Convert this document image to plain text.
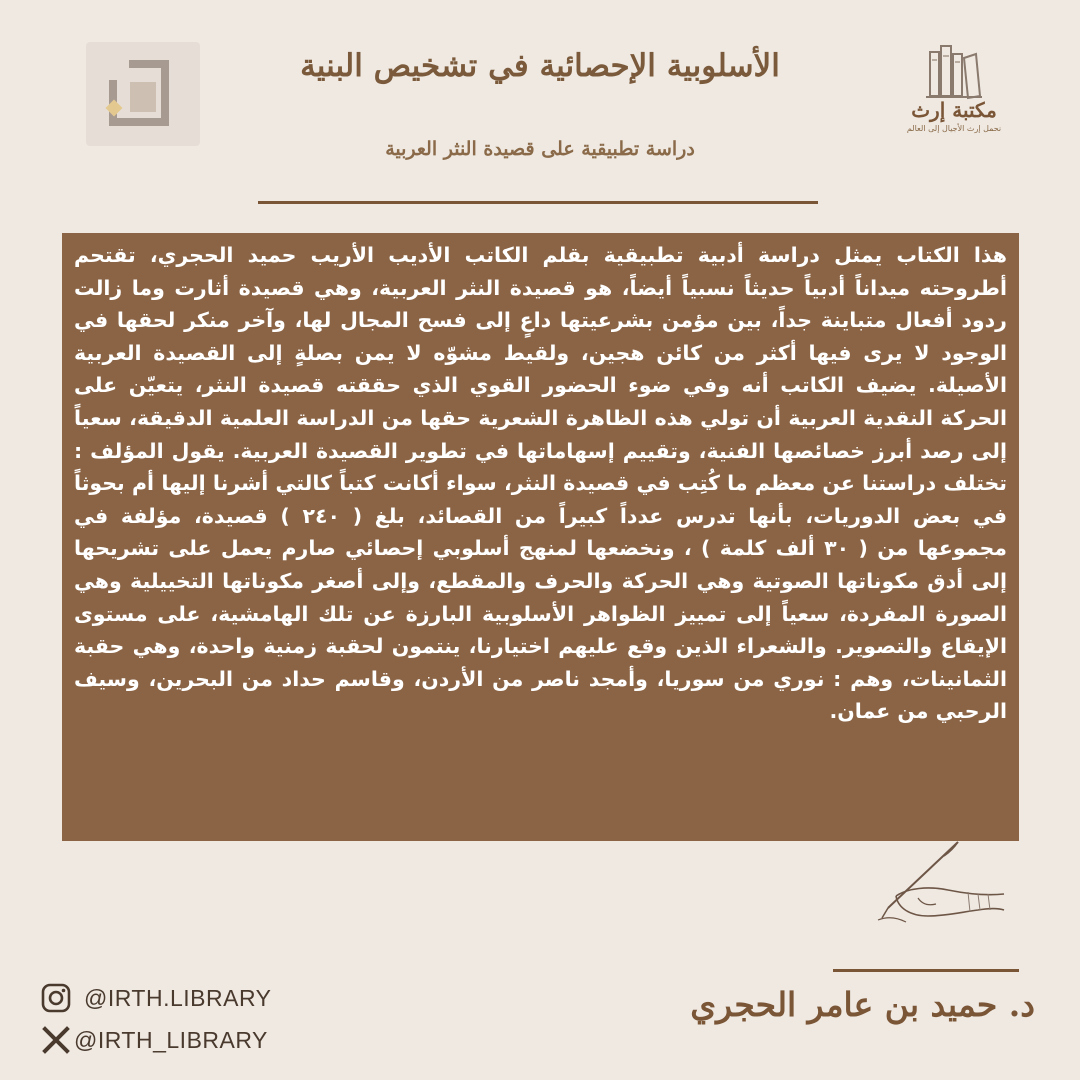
مكتبة إرث
نحمل إرث الأجيال إلى العالم
الأسلوبية الإحصائية في تشخيص البنية
دراسة تطبيقية على قصيدة النثر العربية

هذا الكتاب يمثل دراسة أدبية تطبيقية بقلم الكاتب الأديب الأريب حميد الحجري، تقتحم أطروحته ميداناً أدبياً حديثاً نسبياً أيضاً، هو قصيدة النثر العربية، وهي قصيدة أثارت وما زالت ردود أفعال متباينة جداً، بين مؤمن بشرعيتها داعٍ إلى فسح المجال لها، وآخر منكر لحقها في الوجود لا يرى فيها أكثر من كائن هجين، ولقيط مشوّه لا يمن بصلةٍ إلى القصيدة العربية الأصيلة. يضيف الكاتب أنه وفي ضوء الحضور القوي الذي حققته قصيدة النثر، يتعيّن على الحركة النقدية العربية أن تولي هذه الظاهرة الشعرية حقها من الدراسة العلمية الدقيقة، سعياً إلى رصد أبرز خصائصها الفنية، وتقييم إسهاماتها في تطوير القصيدة العربية. يقول المؤلف : تختلف دراستنا عن معظم ما كُتِب في قصيدة النثر، سواء أكانت كتباً كالتي أشرنا إليها أم بحوثاً في بعض الدوريات، بأنها تدرس عدداً كبيراً من القصائد، بلغ ( ٢٤٠ ) قصيدة، مؤلفة في مجموعها من ( ٣٠ ألف كلمة ) ، ونخضعها لمنهج أسلوبي إحصائي صارم يعمل على تشريحها إلى أدق مكوناتها الصوتية وهي الحركة والحرف والمقطع، وإلى أصغر مكوناتها التخييلية وهي الصورة المفردة، سعياً إلى تمييز الظواهر الأسلوبية البارزة عن تلك الهامشية، على مستوى الإيقاع والتصوير. والشعراء الذين وقع عليهم اختيارنا، ينتمون لحقبة زمنية واحدة، وهي حقبة الثمانينات، وهم : نوري من سوريا، وأمجد ناصر من الأردن، وقاسم حداد من البحرين، وسيف الرحبي من عمان.

د. حميد بن عامر الحجري
@IRTH.LIBRARY
@IRTH_LIBRARY
